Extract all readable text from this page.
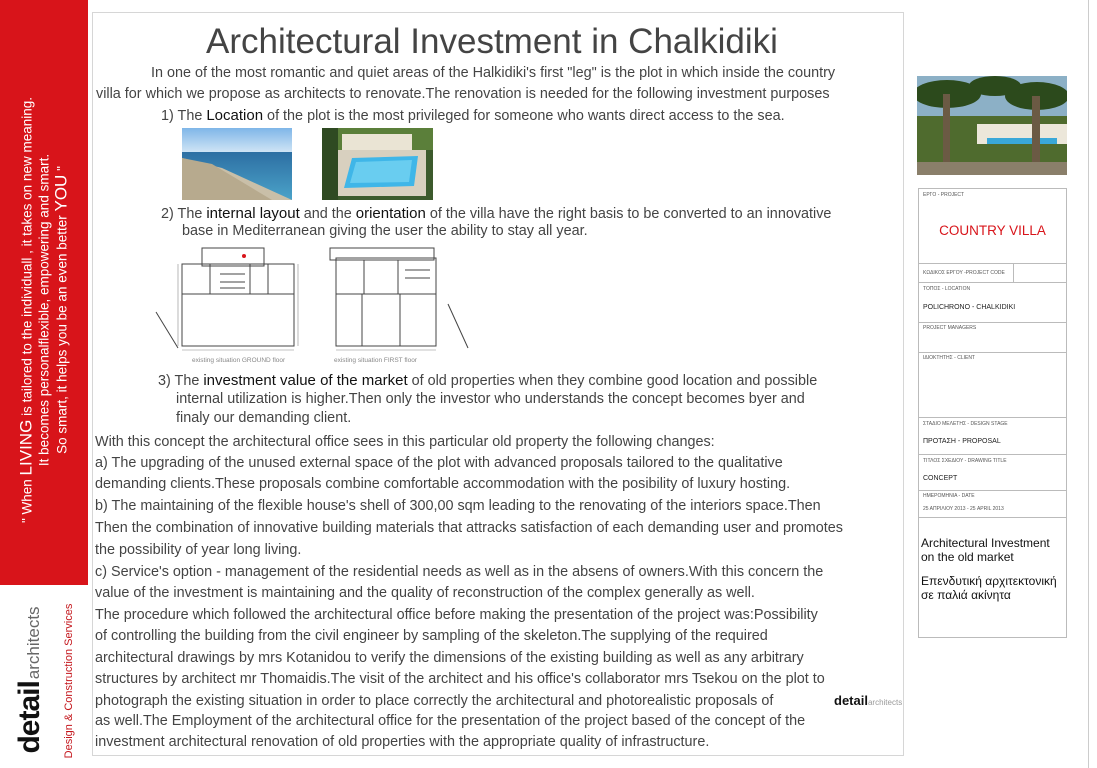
" When LIVING is tailored to the individuall , it takes on new meaning. It becomes personalflexible, empowering and smart. So smart, it helps you be an even better YOU "
detailarchitects	Design & Construction Services
Architectural Investment in Chalkidiki
In one of the most romantic and quiet areas of the Halkidiki's first "leg" is the plot in which inside the country
villa for which we propose as architects to renovate.The renovation is needed for the following investment purposes
1) The Location of the plot is the most privileged for someone who wants direct access to the sea.
2) The internal layout and the orientation of the villa have the right basis to be converted to an innovative
base in Mediterranean giving the user the ability to stay all year.
existing situation GROUND floor	existing situation FIRST floor
3) The investment value of the market of old properties when they combine good location and possible
internal utilization is higher.Then only the investor who understands the concept becomes byer and
finaly our demanding client.
With this concept the architectural office sees in this particular old property the following changes:
a) The upgrading of the unused external space of the plot with advanced proposals tailored to the qualitative
demanding clients.These proposals combine comfortable accommodation with the posibility of luxury hosting.
b) The maintaining of the flexible house's shell of 300,00 sqm leading to the renovating of the interiors space.Then
Then the combination of innovative building materials that attracks satisfaction of each demanding user and promotes
the possibility of year long living.
c) Service's option - management of the residential needs as well as in the absens of owners.With this concern the
value of the investment is maintaining and the quality of reconstruction of the complex generally as well.
The procedure which followed the architectural office before making the presentation of the project was:Possibility
of controlling the building from the civil engineer by sampling of the skeleton.The supplying of the required
architectural drawings by mrs Kotanidou to verify the dimensions of the existing building as well as any arbitrary
structures by architect mr Thomaidis.The visit of the architect and his office's collaborator mrs Tsekou on the plot to
photograph the existing situation in order to place correctly the architectural and photorealistic proposals of
as well.The Employment of the architectural office for the presentation of the project based of the concept of the
investment architectural renovation of old properties with the appropriate quality of infrastructure.
detailarchitects
ΕΡΓΟ - PROJECT
COUNTRY VILLA
ΚΩΔΙΚΟΣ ΕΡΓΟΥ -PROJECT CODE
ΤΟΠΟΣ - LOCATION
POLICHRONO - CHALKIDIKI
PROJECT MANAGERS
ΙΔΙΟΚΤΗΤΗΣ - CLIENT
ΣΤΑΔΙΟ ΜΕΛΕΤΗΣ - DESIGN STAGE
ΠΡΟΤΑΣΗ - PROPOSAL
ΤΙΤΛΟΣ ΣΧΕΔΙΟΥ - DRAWING TITLE
CONCEPT
ΗΜΕΡΟΜΗΝΙΑ - DATE
25 ΑΠΡΙΛΙΟΥ 2013 - 25 APRIL 2013
Architectural Investment
on the old market
Επενδυτική αρχιτεκτονική
σε παλιά ακίνητα
